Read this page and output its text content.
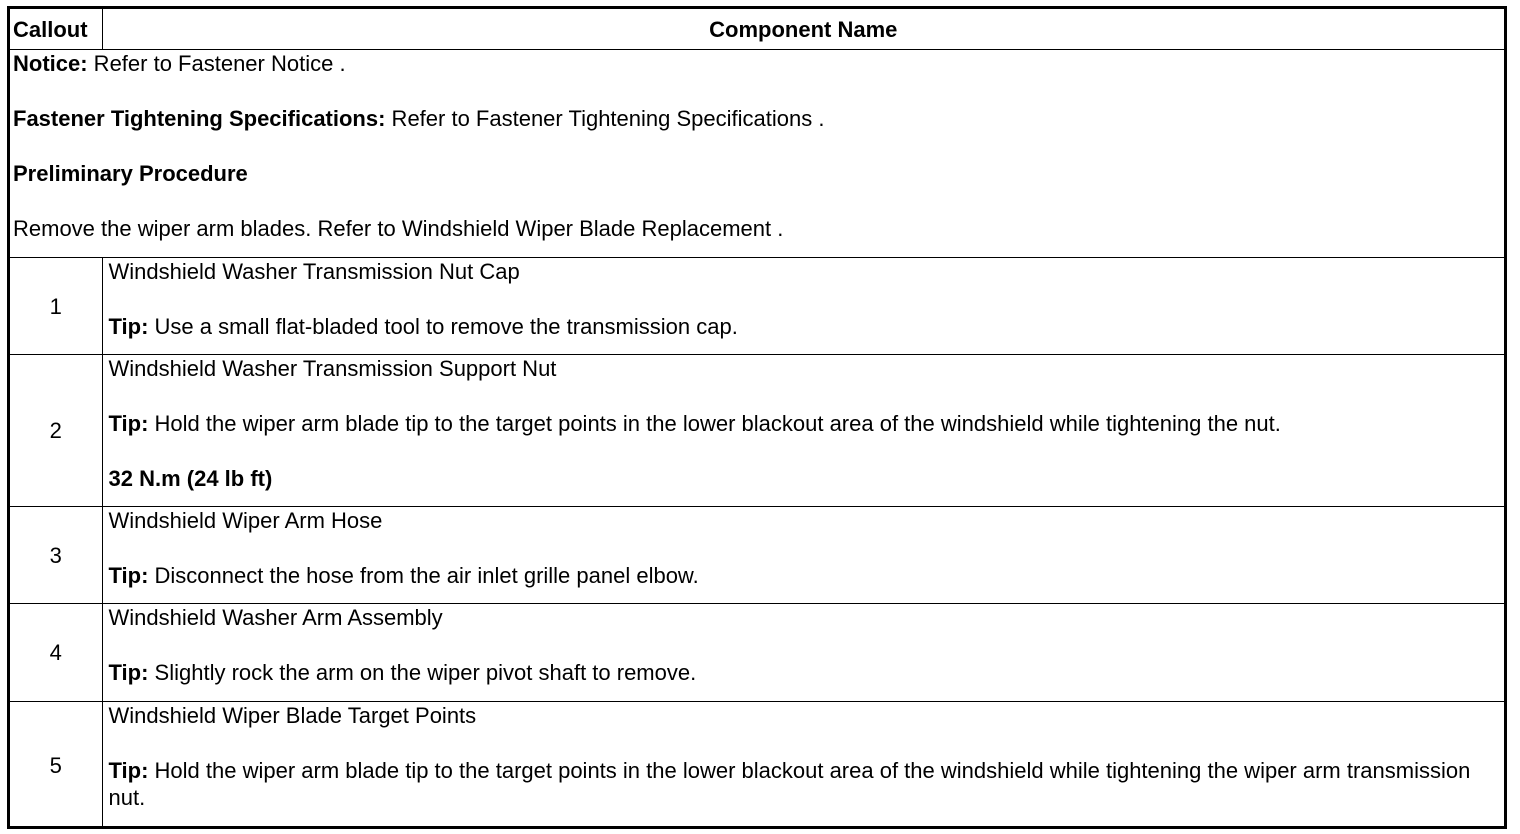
Callout	Component Name

Notice: Refer to Fastener Notice .

Fastener Tightening Specifications: Refer to Fastener Tightening Specifications .

Preliminary Procedure

Remove the wiper arm blades. Refer to Windshield Wiper Blade Replacement .	

1	Windshield Washer Transmission Nut Cap

Tip: Use a small flat-bladed tool to remove the transmission cap.

2	Windshield Washer Transmission Support Nut

Tip: Hold the wiper arm blade tip to the target points in the lower blackout area of the windshield while tightening the nut.

32 N.m (24 lb ft)

3	Windshield Wiper Arm Hose

Tip: Disconnect the hose from the air inlet grille panel elbow.

4	Windshield Washer Arm Assembly

Tip: Slightly rock the arm on the wiper pivot shaft to remove.

5	Windshield Wiper Blade Target Points

Tip: Hold the wiper arm blade tip to the target points in the lower blackout area of the windshield while tightening the wiper arm transmission nut.
